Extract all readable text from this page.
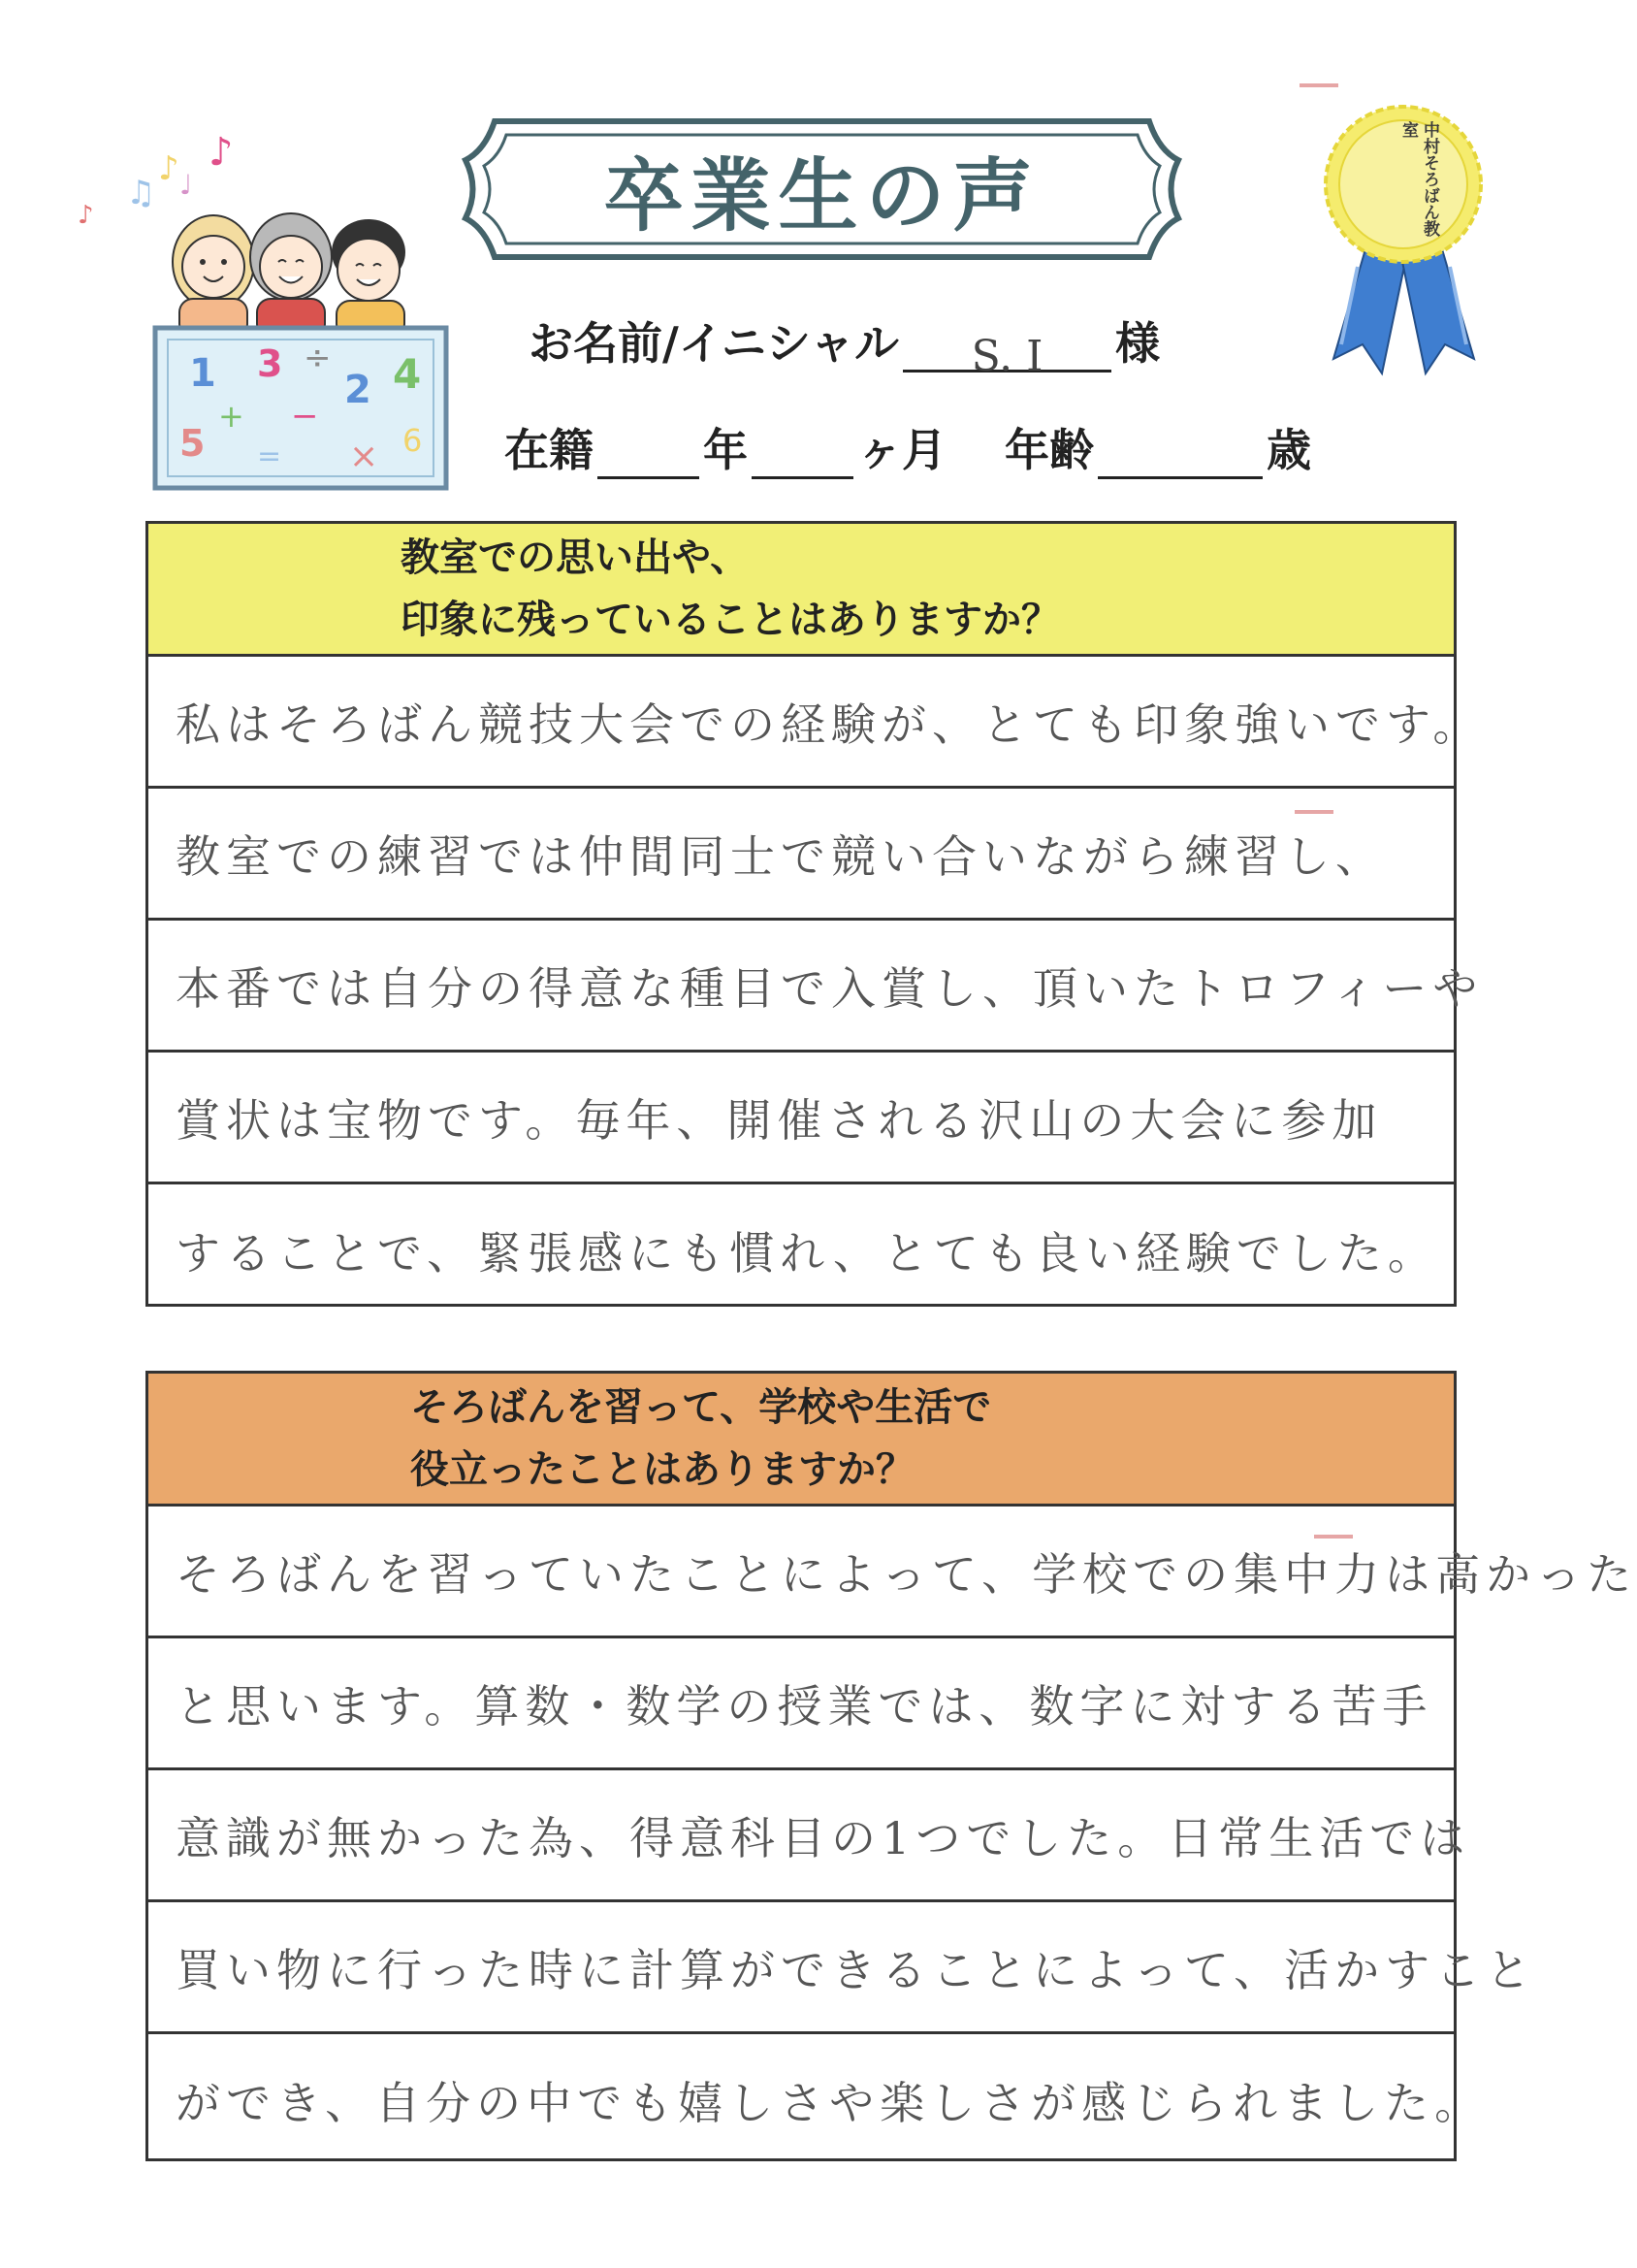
♪
♫
♪ ♩
♪
1 3 ÷
2 4
5
+ −
= × 6
卒業生の声	中村そろばん教室
お名前/イニシャル	S. I	様
在籍 年 ヶ月 年齢	歳
教室での思い出や、
印象に残っていることはありますか？
私はそろばん競技大会での経験が、とても印象強いです。
教室での練習では仲間同士で競い合いながら練習し、
本番では自分の得意な種目で入賞し、頂いたトロフィーや
賞状は宝物です。毎年、開催される沢山の大会に参加
することで、緊張感にも慣れ、とても良い経験でした。
そろばんを習って、学校や生活で
役立ったことはありますか？
そろばんを習っていたことによって、学校での集中力は高かった
と思います。算数・数学の授業では、数字に対する苦手
意識が無かった為、得意科目の1つでした。日常生活では
買い物に行った時に計算ができることによって、活かすこと
ができ、自分の中でも嬉しさや楽しさが感じられました。
